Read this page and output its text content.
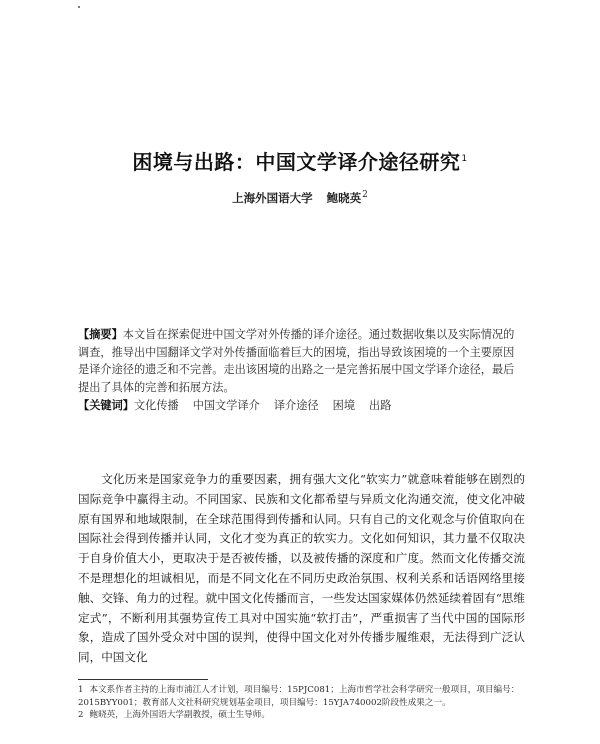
困境与出路：中国文学译介途径研究$^1$
上海外国语大学 鲍晓英$^2$
【摘要】本文旨在探索促进中国文学对外传播的译介途径。通过数据收集以及实际情况的调查，推导出中国翻译文学对外传播面临着巨大的困境，指出导致该困境的一个主要原因是译介途径的遗乏和不完善。走出该困境的出路之一是完善拓展中国文学译介途径，最后提出了具体的完善和拓展方法。
【关键词】文化传播 中国文学译介 译介途径 困境 出路

文化历来是国家竞争力的重要因素，拥有强大文化“软实力”就意味着能够在剧烈的国际竞争中赢得主动。不同国家、民族和文化都希望与异质文化沟通交流，使文化冲破原有国界和地域限制，在全球范围得到传播和认同。只有自己的文化观念与价值取向在国际社会得到传播并认同，文化才变为真正的软实力。文化如何知识，其力量不仅取决于自身价值大小，更取决于是否被传播，以及被传播的深度和广度。然而文化传播交流不是理想化的坦诚相见，而是不同文化在不同历史政治氛围、权利关系和话语网络里接触、交锋、角力的过程。就中国文化传播而言，一些发达国家媒体仍然延续着固有“思维定式”，不断利用其强势宣传工具对中国实施“软打击”，严重损害了当代中国的国际形象，造成了国外受众对中国的误判，使得中国文化对外传播步履维艰，无法得到广泛认同，中国文化

1 本文系作者主持的上海市浦江人才计划，项目编号：15PJC081；上海市哲学社会科学研究一般项目，项目编号：

2015BYY001；教育部人文社科研究规划基金项目，项目编号：15YJA740002阶段性成果之一。

2 鲍晓英，上海外国语大学副教授，硕士生导师。
